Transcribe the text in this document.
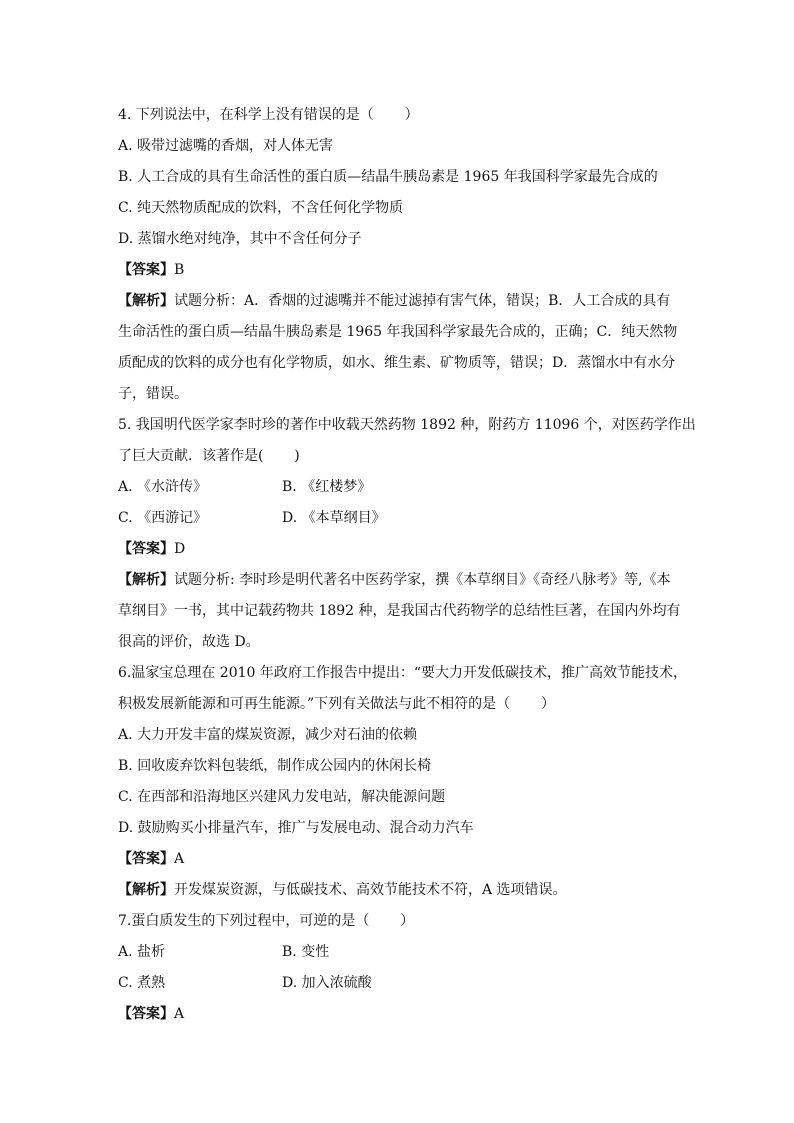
4. 下列说法中，在科学上没有错误的是（ ）
A. 吸带过滤嘴的香烟，对人体无害
B. 人工合成的具有生命活性的蛋白质—结晶牛胰岛素是 1965 年我国科学家最先合成的
C. 纯天然物质配成的饮料，不含任何化学物质
D. 蒸馏水绝对纯净，其中不含任何分子
【答案】B
【解析】试题分析：A．香烟的过滤嘴并不能过滤掉有害气体，错误；B．人工合成的具有
生命活性的蛋白质—结晶牛胰岛素是 1965 年我国科学家最先合成的，正确；C．纯天然物
质配成的饮料的成分也有化学物质，如水、维生素、矿物质等，错误；D．蒸馏水中有水分
子，错误。
5. 我国明代医学家李时珍的著作中收载天然药物 1892 种，附药方 11096 个，对医药学作出
了巨大贡献．该著作是( )
A. 《水浒传》	B. 《红楼梦》
C. 《西游记》	D. 《本草纲目》
【答案】D
【解析】试题分析: 李时珍是明代著名中医药学家，撰《本草纲目》《奇经八脉考》等,《本
草纲目》一书，其中记载药物共 1892 种，是我国古代药物学的总结性巨著，在国内外均有
很高的评价，故选 D。
6.温家宝总理在 2010 年政府工作报告中提出：“要大力开发低碳技术，推广高效节能技术，
积极发展新能源和可再生能源。”下列有关做法与此不相符的是（ ）
A. 大力开发丰富的煤炭资源，减少对石油的依赖
B. 回收废弃饮料包装纸，制作成公园内的休闲长椅
C. 在西部和沿海地区兴建风力发电站，解决能源问题
D. 鼓励购买小排量汽车，推广与发展电动、混合动力汽车
【答案】A
【解析】开发煤炭资源，与低碳技术、高效节能技术不符，A 选项错误。
7.蛋白质发生的下列过程中，可逆的是（ ）
A. 盐析	B. 变性
C. 煮熟	D. 加入浓硫酸
【答案】A
